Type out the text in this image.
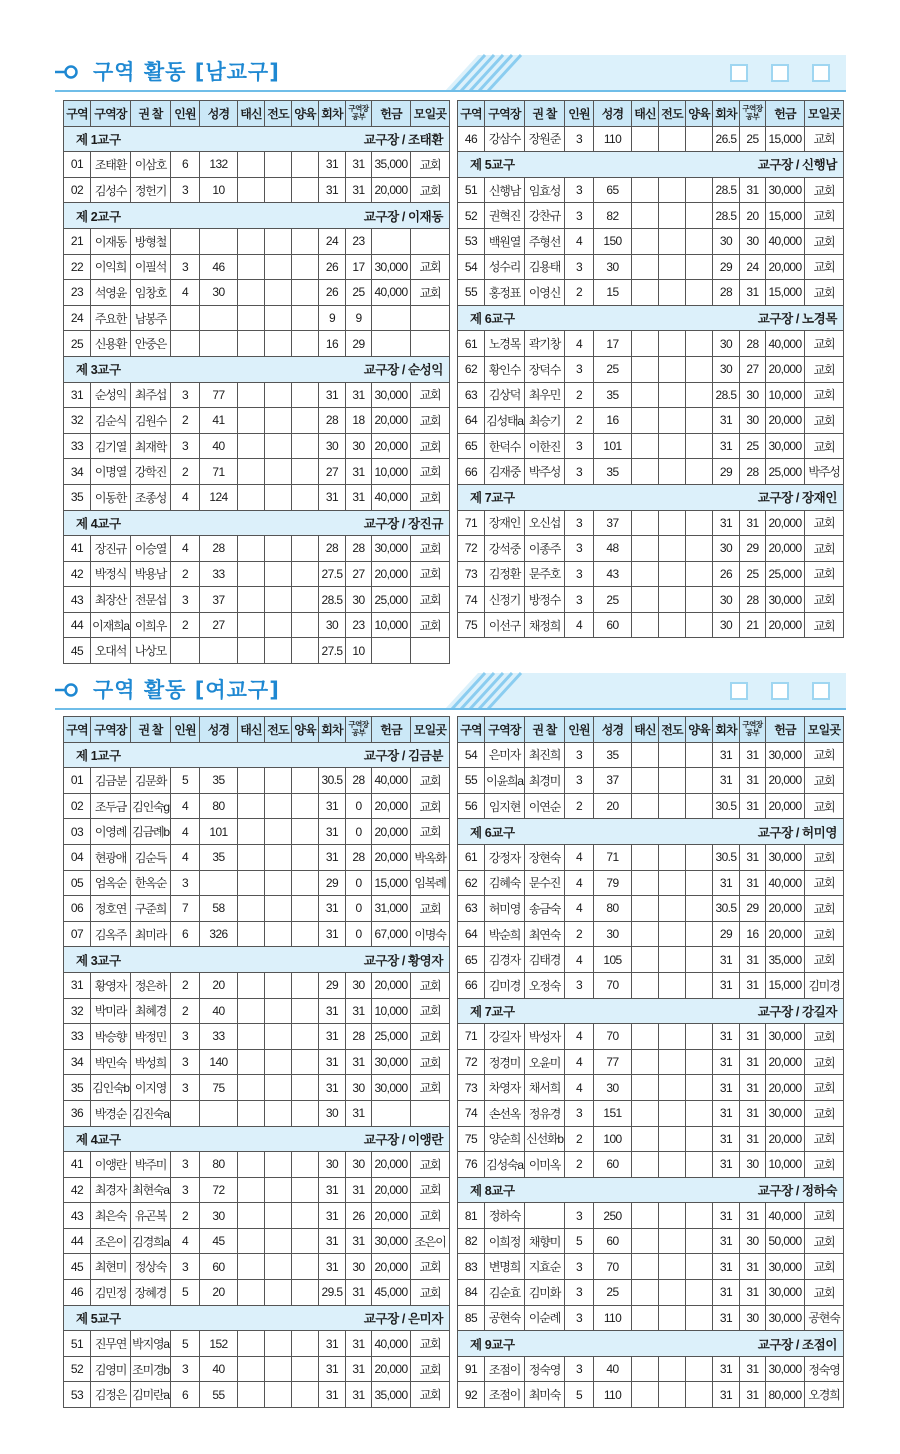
구역 활동 [남교구]
구역	구역장	권 찰	인원	성경	태신	전도	양육	회차	구역장
공부	헌금	모일곳

제 1교구 교구장 / 조태환											

01	조태환	이삼호	6	132				31	31	35,000	교회
02	김성수	정헌기	3	10				31	31	20,000	교회

제 2교구 교구장 / 이재동											

21	이재동	방형철						24	23		
22	이익희	이필석	3	46				26	17	30,000	교회
23	석영윤	임창호	4	30				26	25	40,000	교회
24	주요한	남봉주						9	9		
25	신용환	안중은						16	29		

제 3교구 교구장 / 순성익											

31	순성익	최주섭	3	77				31	31	30,000	교회
32	김순식	김원수	2	41				28	18	20,000	교회
33	김기열	최재학	3	40				30	30	20,000	교회
34	이명열	강학진	2	71				27	31	10,000	교회
35	이동한	조종성	4	124				31	31	40,000	교회

제 4교구 교구장 / 장진규											

41	장진규	이승열	4	28				28	28	30,000	교회
42	박정식	박용남	2	33				27.5	27	20,000	교회
43	최장산	전문섭	3	37				28.5	30	25,000	교회
44	이재희a	이희우	2	27				30	23	10,000	교회
45	오대석	나상모						27.5	10		
구역	구역장	권 찰	인원	성경	태신	전도	양육	회차	구역장
공부	헌금	모일곳
46	강삼수	장원준	3	110				26.5	25	15,000	교회

제 5교구 교구장 / 신행남											

51	신행남	임효성	3	65				28.5	31	30,000	교회
52	권혁진	강찬규	3	82				28.5	20	15,000	교회
53	백원열	주형선	4	150				30	30	40,000	교회
54	성수리	김용태	3	30				29	24	20,000	교회
55	홍정표	이영신	2	15				28	31	15,000	교회

제 6교구 교구장 / 노경목											

61	노경목	곽기창	4	17				30	28	40,000	교회
62	황인수	장덕수	3	25				30	27	20,000	교회
63	김상덕	최우민	2	35				28.5	30	10,000	교회
64	김성태a	최승기	2	16				31	30	20,000	교회
65	한덕수	이한진	3	101				31	25	30,000	교회
66	김재중	박주성	3	35				29	28	25,000	박주성

제 7교구 교구장 / 장재인											

71	장재인	오신섭	3	37				31	31	20,000	교회
72	강석중	이종주	3	48				30	29	20,000	교회
73	김정환	문주호	3	43				26	25	25,000	교회
74	신정기	방정수	3	25				30	28	30,000	교회
75	이선구	채정희	4	60				30	21	20,000	교회
구역 활동 [여교구]
구역	구역장	권 찰	인원	성경	태신	전도	양육	회차	구역장
공부	헌금	모일곳

제 1교구 교구장 / 김금분											

01	김금분	김문화	5	35				30.5	28	40,000	교회
02	조두금	김인숙g	4	80				31	0	20,000	교회
03	이영례	김금례b	4	101				31	0	20,000	교회
04	현광애	김순득	4	35				31	28	20,000	박옥화
05	엄옥순	한옥순	3					29	0	15,000	임복례
06	정호연	구준희	7	58				31	0	31,000	교회
07	김옥주	최미라	6	326				31	0	67,000	이명숙

제 3교구 교구장 / 황영자											

31	황영자	정은하	2	20				29	30	20,000	교회
32	박미라	최혜경	2	40				31	31	10,000	교회
33	박승향	박정민	3	33				31	28	25,000	교회
34	박민숙	박성희	3	140				31	31	30,000	교회
35	김인숙b	이지영	3	75				31	30	30,000	교회
36	박경순	김진숙a						30	31		

제 4교구 교구장 / 이앵란											

41	이앵란	박주미	3	80				30	30	20,000	교회
42	최경자	최현숙a	3	72				31	31	20,000	교회
43	최은숙	유곤복	2	30				31	26	20,000	교회
44	조은이	김경희a	4	45				31	31	30,000	조은이
45	최현미	정상숙	3	60				31	30	20,000	교회
46	김민정	장혜경	5	20				29.5	31	45,000	교회

제 5교구 교구장 / 은미자											

51	진무연	박지영a	5	152				31	31	40,000	교회
52	김영미	조미경b	3	40				31	31	20,000	교회
53	김정은	김미란a	6	55				31	31	35,000	교회
구역	구역장	권 찰	인원	성경	태신	전도	양육	회차	구역장
공부	헌금	모일곳
54	은미자	최진희	3	35				31	31	30,000	교회
55	이윤희a	최경미	3	37				31	31	20,000	교회
56	임지현	이연순	2	20				30.5	31	20,000	교회

제 6교구 교구장 / 허미영											

61	강정자	장현숙	4	71				30.5	31	30,000	교회
62	김혜숙	문수진	4	79				31	31	40,000	교회
63	허미영	송금숙	4	80				30.5	29	20,000	교회
64	박순희	최연숙	2	30				29	16	20,000	교회
65	김경자	김태경	4	105				31	31	35,000	교회
66	김미경	오정숙	3	70				31	31	15,000	김미경

제 7교구 교구장 / 강길자											

71	강길자	박성자	4	70				31	31	30,000	교회
72	정경미	오윤미	4	77				31	31	20,000	교회
73	차영자	채서희	4	30				31	31	20,000	교회
74	손선옥	정유경	3	151				31	31	30,000	교회
75	양순희	신선화b	2	100				31	31	20,000	교회
76	김성숙a	이미옥	2	60				31	30	10,000	교회

제 8교구 교구장 / 정하숙											

81	정하숙		3	250				31	31	40,000	교회
82	이희정	채향미	5	60				31	30	50,000	교회
83	변명희	지효순	3	70				31	31	30,000	교회
84	김순효	김미화	3	25				31	31	30,000	교회
85	공현숙	이순례	3	110				31	30	30,000	공현숙

제 9교구 교구장 / 조점이											

91	조점이	정숙영	3	40				31	31	30,000	정숙영
92	조점이	최미숙	5	110				31	31	80,000	오경희
